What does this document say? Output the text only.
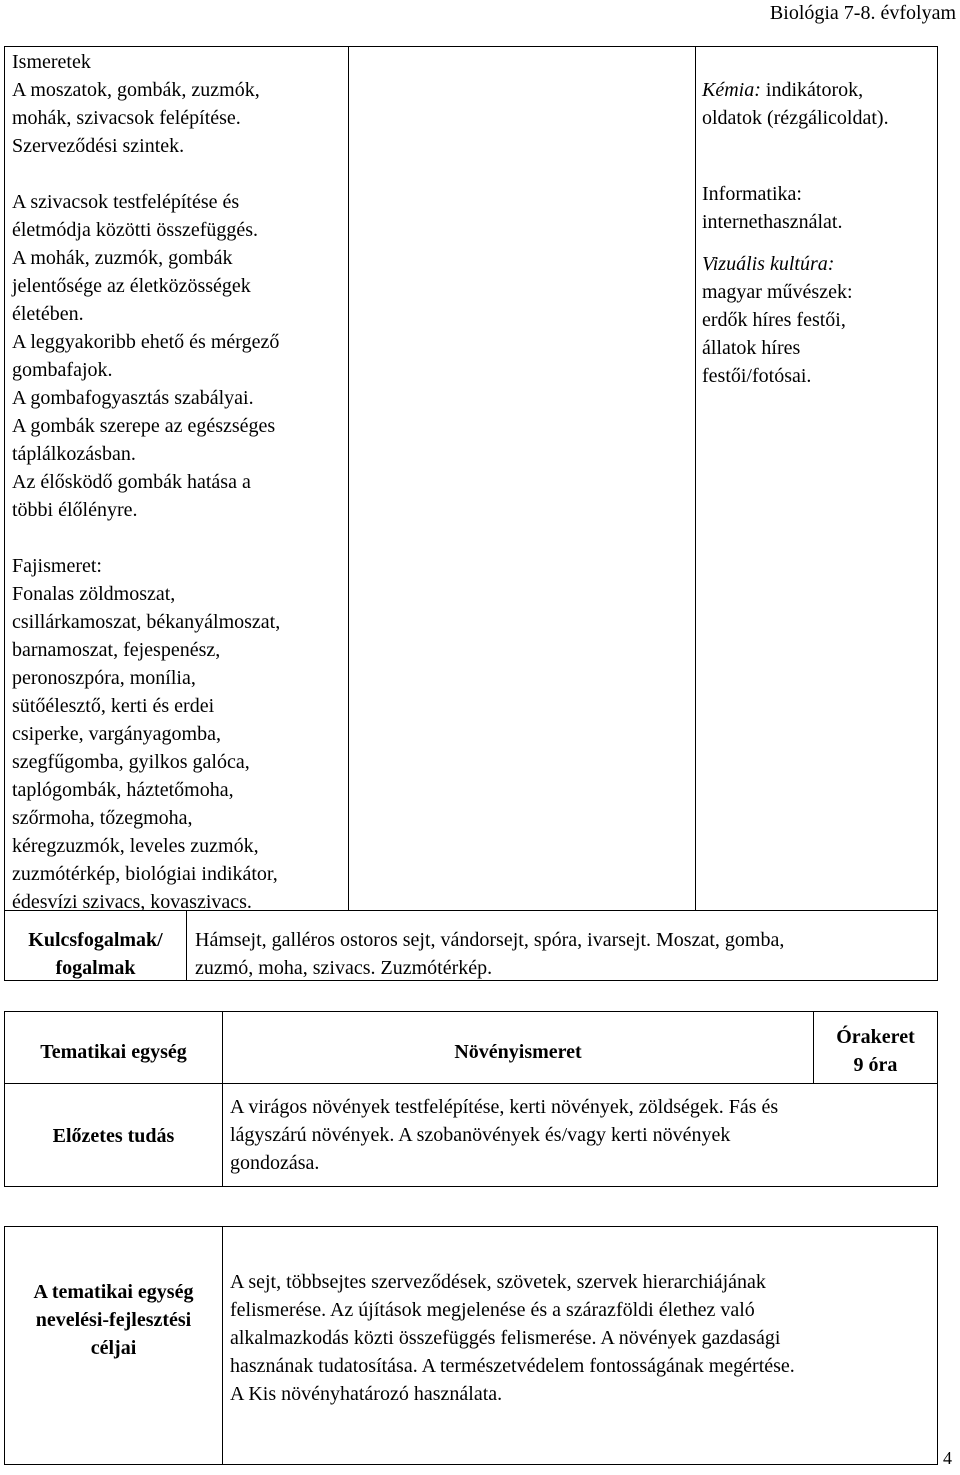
Biológia 7-8. évfolyam

Ismeretek

A moszatok, gombák, zuzmók,

mohák, szivacsok felépítése.

Szerveződési szintek.

A szivacsok testfelépítése és

életmódja közötti összefüggés.

A mohák, zuzmók, gombák

jelentősége az életközösségek

életében.

A leggyakoribb ehető és mérgező

gombafajok.

A gombafogyasztás szabályai.

A gombák szerepe az egészséges

táplálkozásban.

Az élősködő gombák hatása a

többi élőlényre.

Fajismeret:

Fonalas zöldmoszat,

csillárkamoszat, békanyálmoszat,

barnamoszat, fejespenész,

peronoszpóra, monília,

sütőélesztő, kerti és erdei

csiperke, vargányagomba,

szegfűgomba, gyilkos galóca,

taplógombák, háztetőmoha,

szőrmoha, tőzegmoha,

kéregzuzmók, leveles zuzmók,

zuzmótérkép, biológiai indikátor,

édesvízi szivacs, kovaszivacs.

Kémia: indikátorok,

oldatok (rézgálicoldat).

Informatika:

internethasználat.

Vizuális kultúra:

magyar művészek:

erdők híres festői,

állatok híres

festői/fotósai.

Kulcsfogalmak/

fogalmak

Hámsejt, galléros ostoros sejt, vándorsejt, spóra, ivarsejt. Moszat, gomba,

zuzmó, moha, szivacs. Zuzmótérkép.

Tematikai egység	Növényismeret

Órakeret

9 óra

Előzetes tudás

A virágos növények testfelépítése, kerti növények, zöldségek. Fás és

lágyszárú növények. A szobanövények és/vagy kerti növények

gondozása.

A tematikai egység

nevelési-fejlesztési

céljai

A sejt, többsejtes szerveződések, szövetek, szervek hierarchiájának

felismerése. Az újítások megjelenése és a szárazföldi élethez való

alkalmazkodás közti összefüggés felismerése. A növények gazdasági

hasznának tudatosítása. A természetvédelem fontosságának megértése.

A Kis növényhatározó használata.

4
